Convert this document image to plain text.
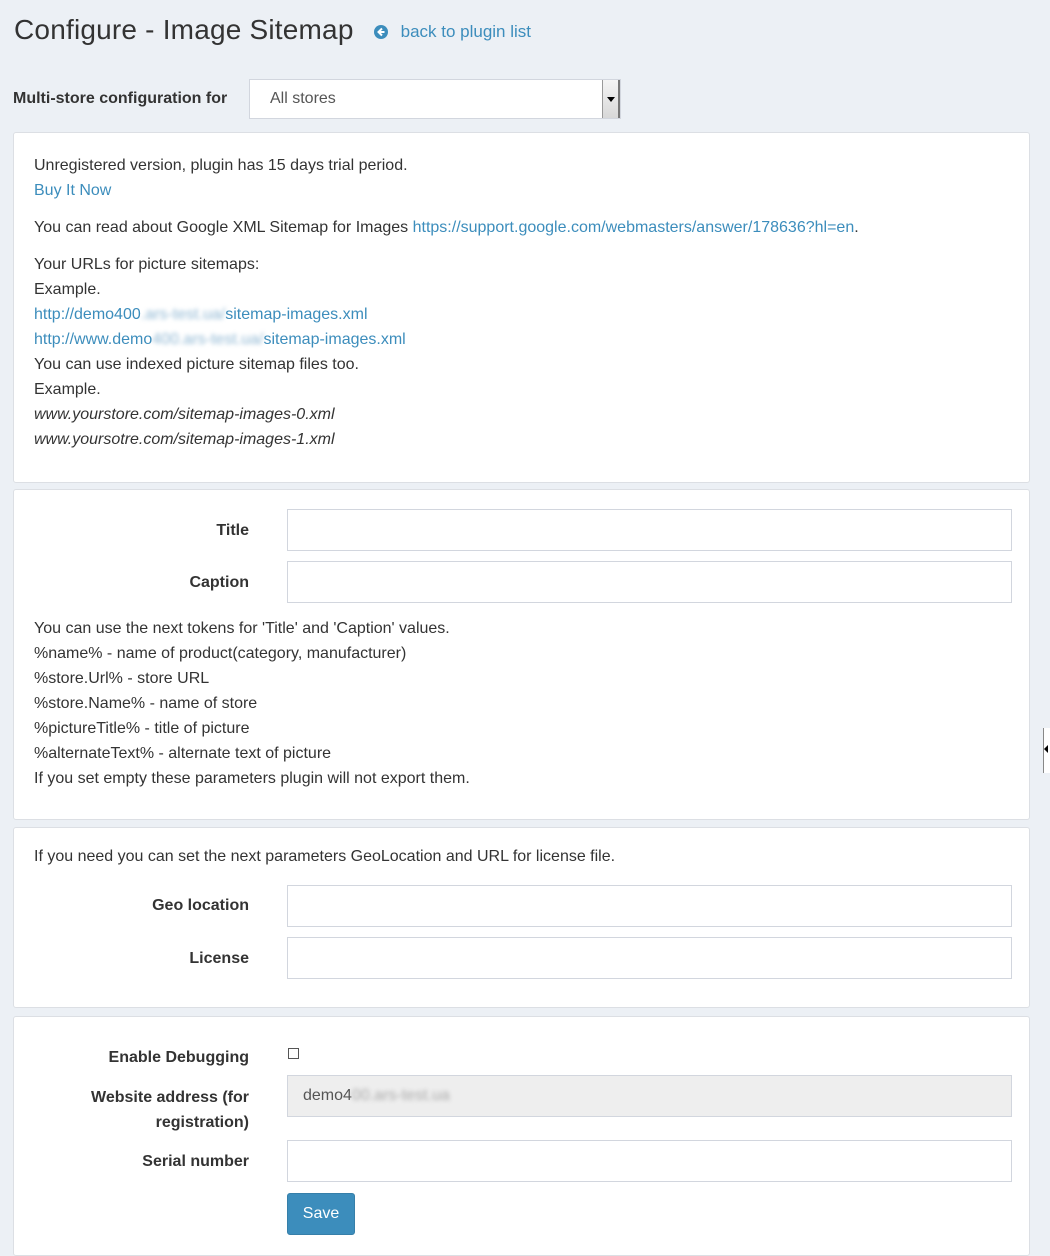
Configure - Image Sitemap	back to plugin list
Multi-store configuration for	All stores

Unregistered version, plugin has 15 days trial period.

Buy It Now

You can read about Google XML Sitemap for Images https://support.google.com/webmasters/answer/178636?hl=en.

Your URLs for picture sitemaps:

Example.

http://demo400.ars-test.ua/sitemap-images.xml

http://www.demo400.ars-test.ua/sitemap-images.xml

You can use indexed picture sitemap files too.

Example.

www.yourstore.com/sitemap-images-0.xml

www.yoursotre.com/sitemap-images-1.xml

Title
Caption

You can use the next tokens for 'Title' and 'Caption' values.

%name% - name of product(category, manufacturer)

%store.Url% - store URL

%store.Name% - name of store

%pictureTitle% - title of picture

%alternateText% - alternate text of picture

If you set empty these parameters plugin will not export them.

If you need you can set the next parameters GeoLocation and URL for license file.

Geo location
License
Enable Debugging
Website address (for
registration)
demo4 00.ars-test.ua
Serial number
Save
